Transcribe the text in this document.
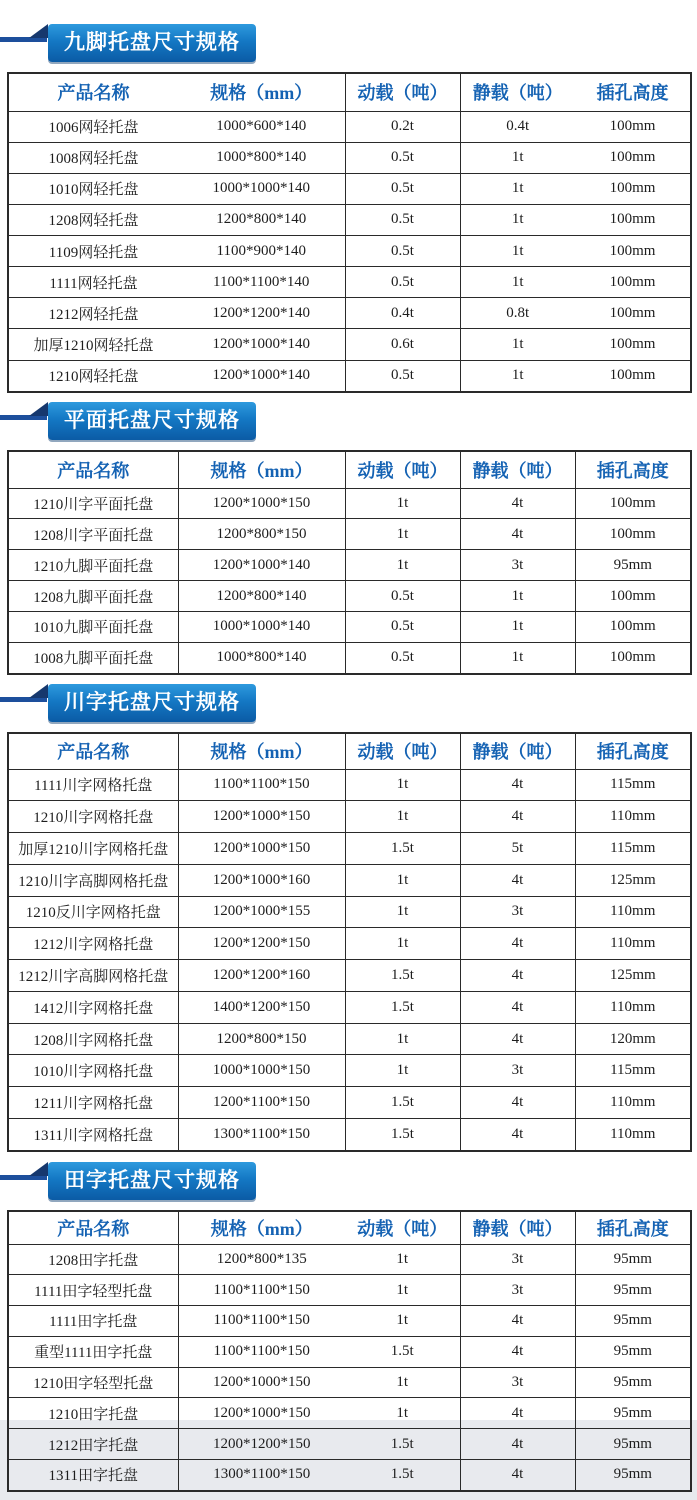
九脚托盘尺寸规格
产品名称	规格（mm）	动载（吨）	静载（吨）	插孔高度
1006网轻托盘	1000*600*140	0.2t	0.4t	100mm
1008网轻托盘	1000*800*140	0.5t	1t	100mm
1010网轻托盘	1000*1000*140	0.5t	1t	100mm
1208网轻托盘	1200*800*140	0.5t	1t	100mm
1109网轻托盘	1100*900*140	0.5t	1t	100mm
1111网轻托盘	1100*1100*140	0.5t	1t	100mm
1212网轻托盘	1200*1200*140	0.4t	0.8t	100mm
加厚1210网轻托盘	1200*1000*140	0.6t	1t	100mm
1210网轻托盘	1200*1000*140	0.5t	1t	100mm
平面托盘尺寸规格
产品名称	规格（mm）	动载（吨）	静载（吨）	插孔高度
1210川字平面托盘	1200*1000*150	1t	4t	100mm
1208川字平面托盘	1200*800*150	1t	4t	100mm
1210九脚平面托盘	1200*1000*140	1t	3t	95mm
1208九脚平面托盘	1200*800*140	0.5t	1t	100mm
1010九脚平面托盘	1000*1000*140	0.5t	1t	100mm
1008九脚平面托盘	1000*800*140	0.5t	1t	100mm
川字托盘尺寸规格
产品名称	规格（mm）	动载（吨）	静载（吨）	插孔高度
1111川字网格托盘	1100*1100*150	1t	4t	115mm
1210川字网格托盘	1200*1000*150	1t	4t	110mm
加厚1210川字网格托盘	1200*1000*150	1.5t	5t	115mm
1210川字高脚网格托盘	1200*1000*160	1t	4t	125mm
1210反川字网格托盘	1200*1000*155	1t	3t	110mm
1212川字网格托盘	1200*1200*150	1t	4t	110mm
1212川字高脚网格托盘	1200*1200*160	1.5t	4t	125mm
1412川字网格托盘	1400*1200*150	1.5t	4t	110mm
1208川字网格托盘	1200*800*150	1t	4t	120mm
1010川字网格托盘	1000*1000*150	1t	3t	115mm
1211川字网格托盘	1200*1100*150	1.5t	4t	110mm
1311川字网格托盘	1300*1100*150	1.5t	4t	110mm
田字托盘尺寸规格
产品名称	规格（mm）	动载（吨）	静载（吨）	插孔高度
1208田字托盘	1200*800*135	1t	3t	95mm
1111田字轻型托盘	1100*1100*150	1t	3t	95mm
1111田字托盘	1100*1100*150	1t	4t	95mm
重型1111田字托盘	1100*1100*150	1.5t	4t	95mm
1210田字轻型托盘	1200*1000*150	1t	3t	95mm
1210田字托盘	1200*1000*150	1t	4t	95mm
1212田字托盘	1200*1200*150	1.5t	4t	95mm
1311田字托盘	1300*1100*150	1.5t	4t	95mm
